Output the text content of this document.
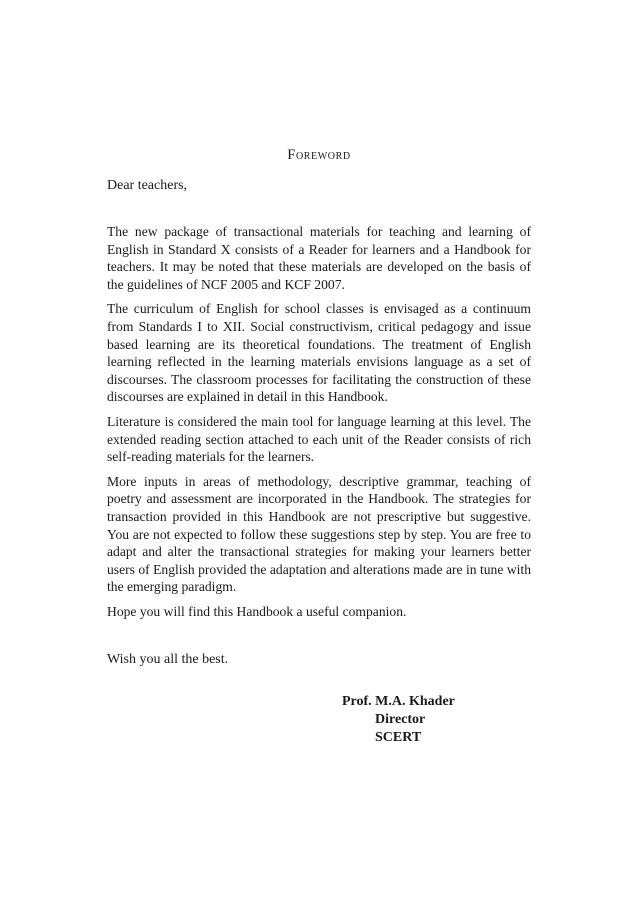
Foreword

Dear teachers,

The new package of transactional materials for teaching and learning of English in Standard X consists of a Reader for learners and a Handbook for teachers. It may be noted that these materials are developed on the basis of the guidelines of NCF 2005 and KCF 2007.

The curriculum of English for school classes is envisaged as a continuum from Standards I to XII. Social constructivism, critical pedagogy and issue based learning are its theoretical foundations. The treatment of English learning reflected in the learning materials envisions language as a set of discourses. The classroom processes for facilitating the construction of these discourses are explained in detail in this Handbook.

Literature is considered the main tool for language learning at this level. The extended reading section attached to each unit of the Reader consists of rich self-reading materials for the learners.

More inputs in areas of methodology, descriptive grammar, teaching of poetry and assessment are incorporated in the Handbook. The strategies for transaction provided in this Handbook are not prescriptive but suggestive. You are not expected to follow these suggestions step by step. You are free to adapt and alter the transactional strategies for making your learners better users of English provided the adaptation and alterations made are in tune with the emerging paradigm.

Hope you will find this Handbook a useful companion.

Wish you all the best.

Prof. M.A. Khader
Director
SCERT
